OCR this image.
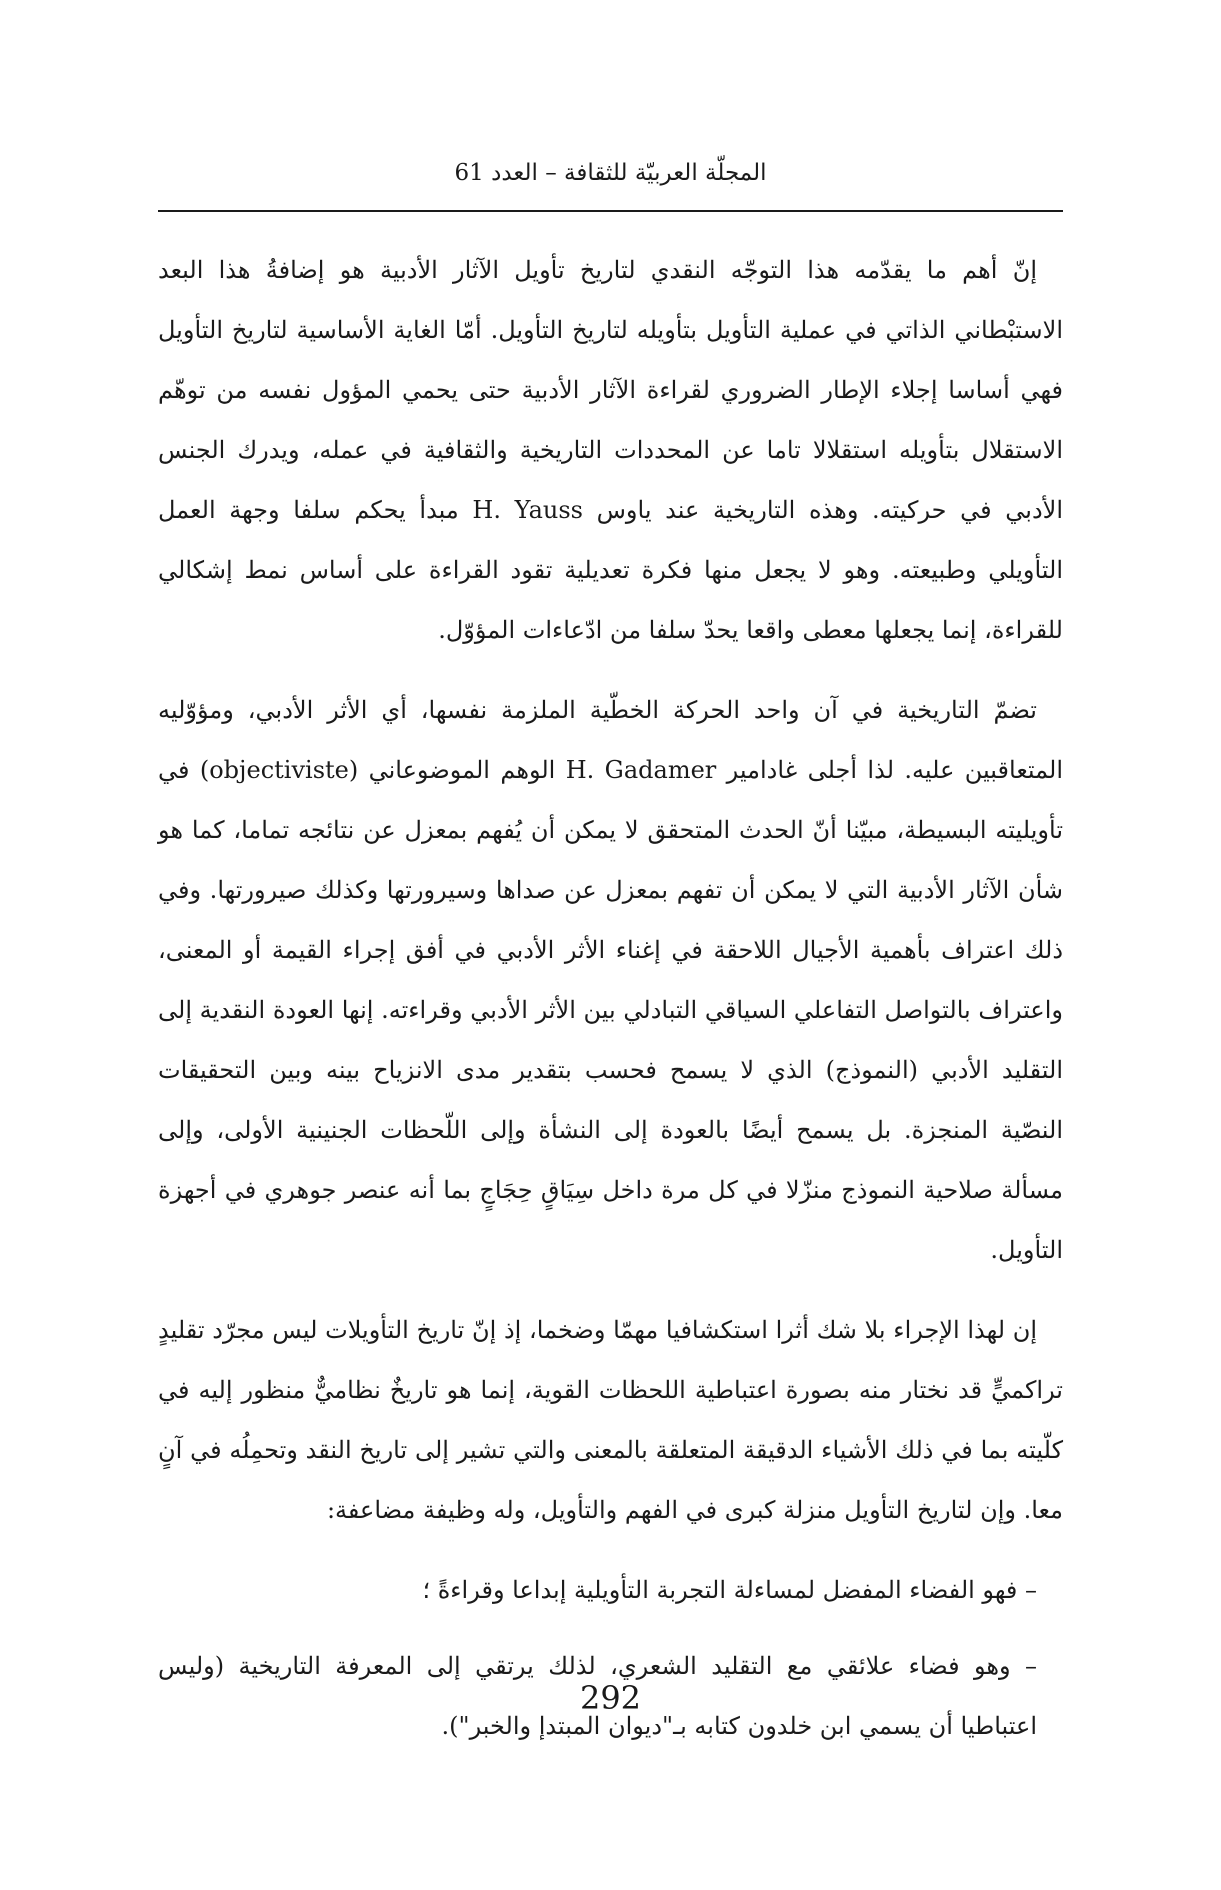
المجلّة العربيّة للثقافة – العدد 61

إنّ أهم ما يقدّمه هذا التوجّه النقدي لتاريخ تأويل الآثار الأدبية هو إضافةُ هذا البعد الاستبْطاني الذاتي في عملية التأويل بتأويله لتاريخ التأويل. أمّا الغاية الأساسية لتاريخ التأويل فهي أساسا إجلاء الإطار الضروري لقراءة الآثار الأدبية حتى يحمي المؤول نفسه من توهّم الاستقلال بتأويله استقلالا تاما عن المحددات التاريخية والثقافية في عمله، ويدرك الجنس الأدبي في حركيته. وهذه التاريخية عند ياوس H. Yauss مبدأ يحكم سلفا وجهة العمل التأويلي وطبيعته. وهو لا يجعل منها فكرة تعديلية تقود القراءة على أساس نمط إشكالي للقراءة، إنما يجعلها معطى واقعا يحدّ سلفا من ادّعاءات المؤوّل.

تضمّ التاريخية في آن واحد الحركة الخطّية الملزمة نفسها، أي الأثر الأدبي، ومؤوّليه المتعاقبين عليه. لذا أجلى غادامير H. Gadamer الوهم الموضوعاني (objectiviste) في تأويليته البسيطة، مبيّنا أنّ الحدث المتحقق لا يمكن أن يُفهم بمعزل عن نتائجه تماما، كما هو شأن الآثار الأدبية التي لا يمكن أن تفهم بمعزل عن صداها وسيرورتها وكذلك صيرورتها. وفي ذلك اعتراف بأهمية الأجيال اللاحقة في إغناء الأثر الأدبي في أفق إجراء القيمة أو المعنى، واعتراف بالتواصل التفاعلي السياقي التبادلي بين الأثر الأدبي وقراءته. إنها العودة النقدية إلى التقليد الأدبي (النموذج) الذي لا يسمح فحسب بتقدير مدى الانزياح بينه وبين التحقيقات النصّية المنجزة. بل يسمح أيضًا بالعودة إلى النشأة وإلى اللّحظات الجنينية الأولى، وإلى مسألة صلاحية النموذج منزّلا في كل مرة داخل سِيَاقٍ حِجَاجٍ بما أنه عنصر جوهري في أجهزة التأويل.

إن لهذا الإجراء بلا شك أثرا استكشافيا مهمّا وضخما، إذ إنّ تاريخ التأويلات ليس مجرّد تقليدٍ تراكميٍّ قد نختار منه بصورة اعتباطية اللحظات القوية، إنما هو تاريخٌ نظاميٌّ منظور إليه في كلّيته بما في ذلك الأشياء الدقيقة المتعلقة بالمعنى والتي تشير إلى تاريخ النقد وتحمِلُه في آنٍ معا. وإن لتاريخ التأويل منزلة كبرى في الفهم والتأويل، وله وظيفة مضاعفة:

– فهو الفضاء المفضل لمساءلة التجربة التأويلية إبداعا وقراءةً ؛

– وهو فضاء علائقي مع التقليد الشعري، لذلك يرتقي إلى المعرفة التاريخية (وليس اعتباطيا أن يسمي ابن خلدون كتابه بـ"ديوان المبتدإ والخبر").

292
